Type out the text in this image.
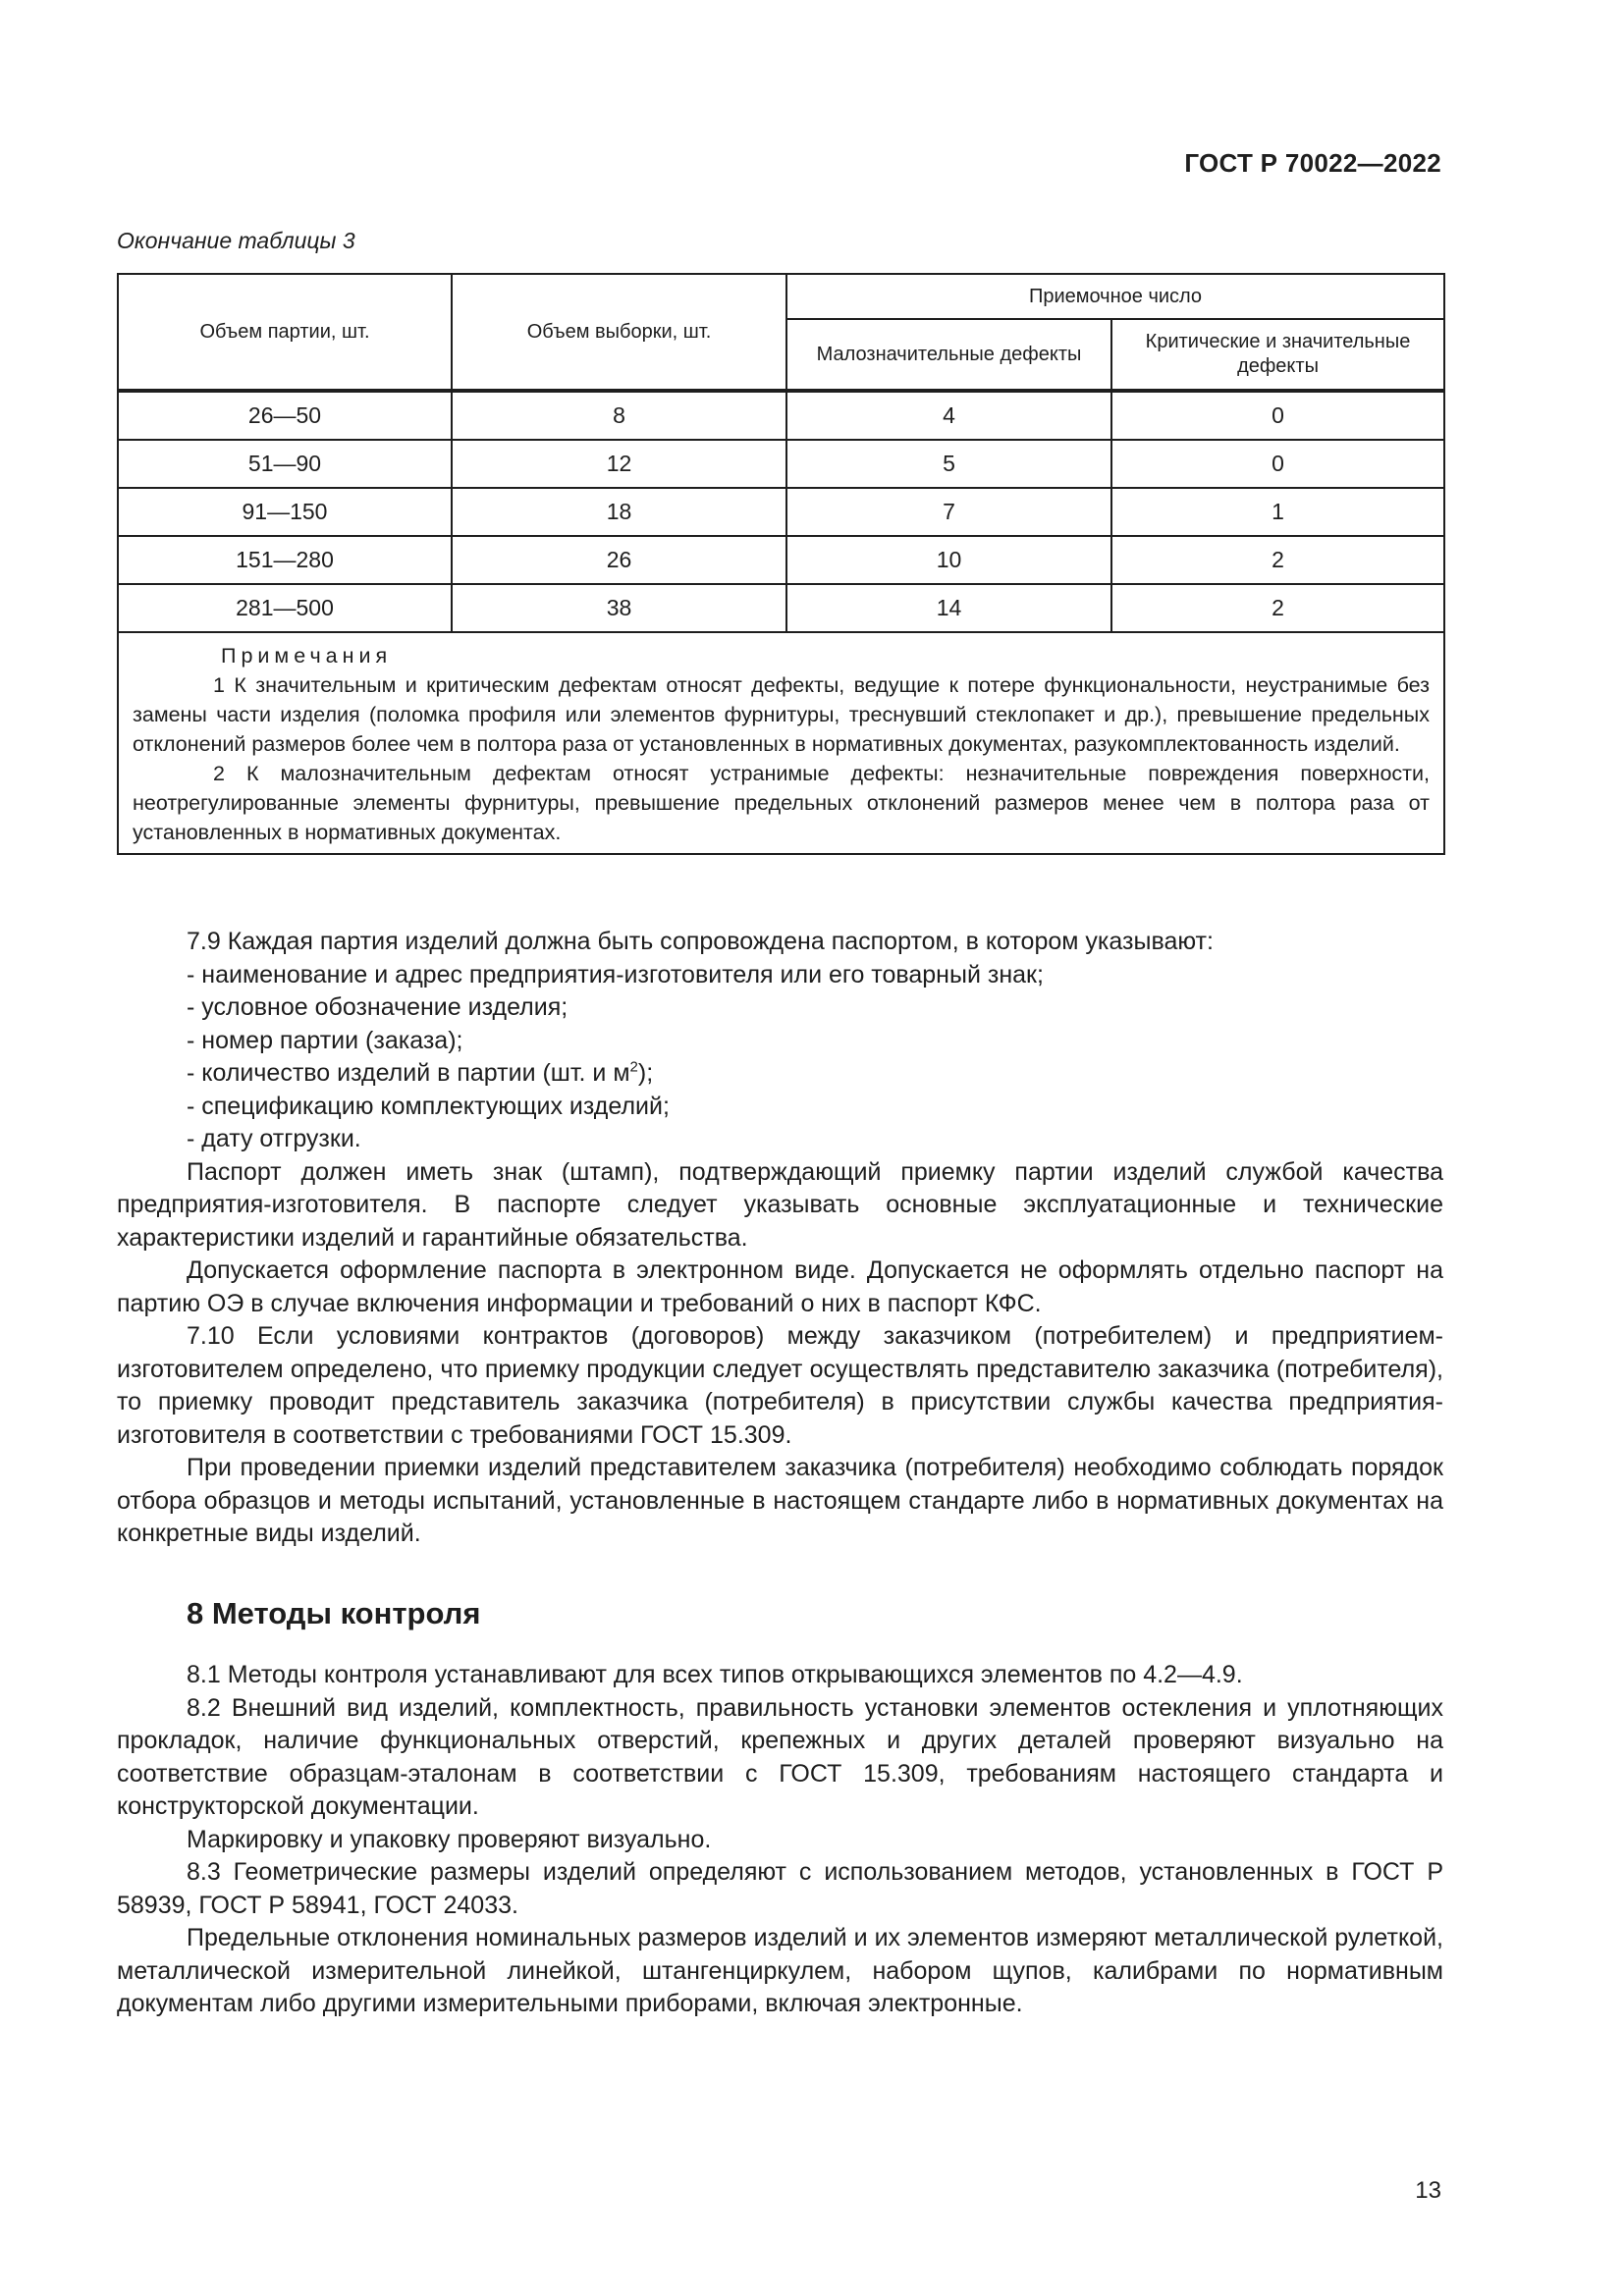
ГОСТ Р 70022—2022
Окончание таблицы 3
Объем партии, шт.	Объем выборки, шт.	Приемочное число	
		Малозначительные дефекты	Критические и значительные дефекты
26—50	8	4	0
51—90	12	5	0
91—150	18	7	1
151—280	26	10	2
281—500	38	14	2

Примечания
1 К значительным и критическим дефектам относят дефекты, ведущие к потере функциональности, неустранимые без замены части изделия (поломка профиля или элементов фурнитуры, треснувший стеклопакет и др.), превышение предельных отклонений размеров более чем в полтора раза от установленных в нормативных документах, разукомплектованность изделий.
2 К малозначительным дефектам относят устранимые дефекты: незначительные повреждения поверхности, неотрегулированные элементы фурнитуры, превышение предельных отклонений размеров менее чем в полтора раза от установленных в нормативных документах.			

7.9 Каждая партия изделий должна быть сопровождена паспортом, в котором указывают:

- наименование и адрес предприятия-изготовителя или его товарный знак;

- условное обозначение изделия;

- номер партии (заказа);

- количество изделий в партии (шт. и $м^2$);

- спецификацию комплектующих изделий;

- дату отгрузки.

Паспорт должен иметь знак (штамп), подтверждающий приемку партии изделий службой качества предприятия-изготовителя. В паспорте следует указывать основные эксплуатационные и технические характеристики изделий и гарантийные обязательства.

Допускается оформление паспорта в электронном виде. Допускается не оформлять отдельно паспорт на партию ОЭ в случае включения информации и требований о них в паспорт КФС.

7.10 Если условиями контрактов (договоров) между заказчиком (потребителем) и предприятием-изготовителем определено, что приемку продукции следует осуществлять представителю заказчика (потребителя), то приемку проводит представитель заказчика (потребителя) в присутствии службы качества предприятия-изготовителя в соответствии с требованиями ГОСТ 15.309.

При проведении приемки изделий представителем заказчика (потребителя) необходимо соблюдать порядок отбора образцов и методы испытаний, установленные в настоящем стандарте либо в нормативных документах на конкретные виды изделий.

8 Методы контроля

8.1 Методы контроля устанавливают для всех типов открывающихся элементов по 4.2—4.9.

8.2 Внешний вид изделий, комплектность, правильность установки элементов остекления и уплотняющих прокладок, наличие функциональных отверстий, крепежных и других деталей проверяют визуально на соответствие образцам-эталонам в соответствии с ГОСТ 15.309, требованиям настоящего стандарта и конструкторской документации.

Маркировку и упаковку проверяют визуально.

8.3 Геометрические размеры изделий определяют с использованием методов, установленных в ГОСТ Р 58939, ГОСТ Р 58941, ГОСТ 24033.

Предельные отклонения номинальных размеров изделий и их элементов измеряют металлической рулеткой, металлической измерительной линейкой, штангенциркулем, набором щупов, калибрами по нормативным документам либо другими измерительными приборами, включая электронные.

13
